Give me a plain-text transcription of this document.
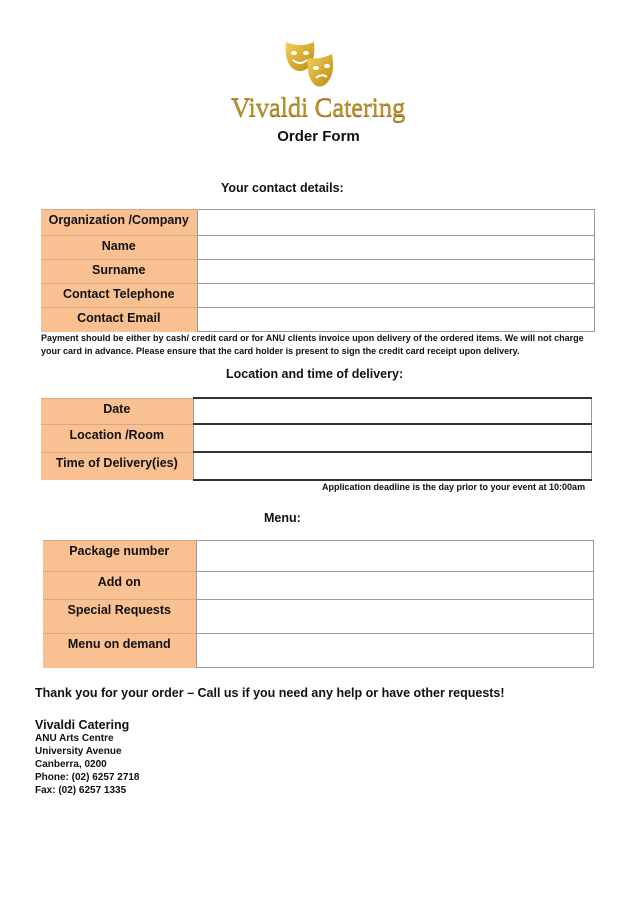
Vivaldi Catering
Order Form
Your contact details:
Organization /Company	
Name	
Surname	
Contact Telephone	
Contact Email	
Payment should be either by cash/ credit card or for ANU clients invoice upon delivery of the ordered items. We will not charge your card in advance. Please ensure that the card holder is present to sign the credit card receipt upon delivery.
Location and time of delivery:
Date	
Location /Room	
Time of Delivery(ies)	
Application deadline is the day prior to your event at 10:00am
Menu:
Package number	
Add on	
Special Requests	
Menu on demand	
Thank you for your order – Call us if you need any help or have other requests!
Vivaldi Catering
ANU Arts Centre
University Avenue
Canberra, 0200
Phone: (02) 6257 2718
Fax: (02) 6257 1335
